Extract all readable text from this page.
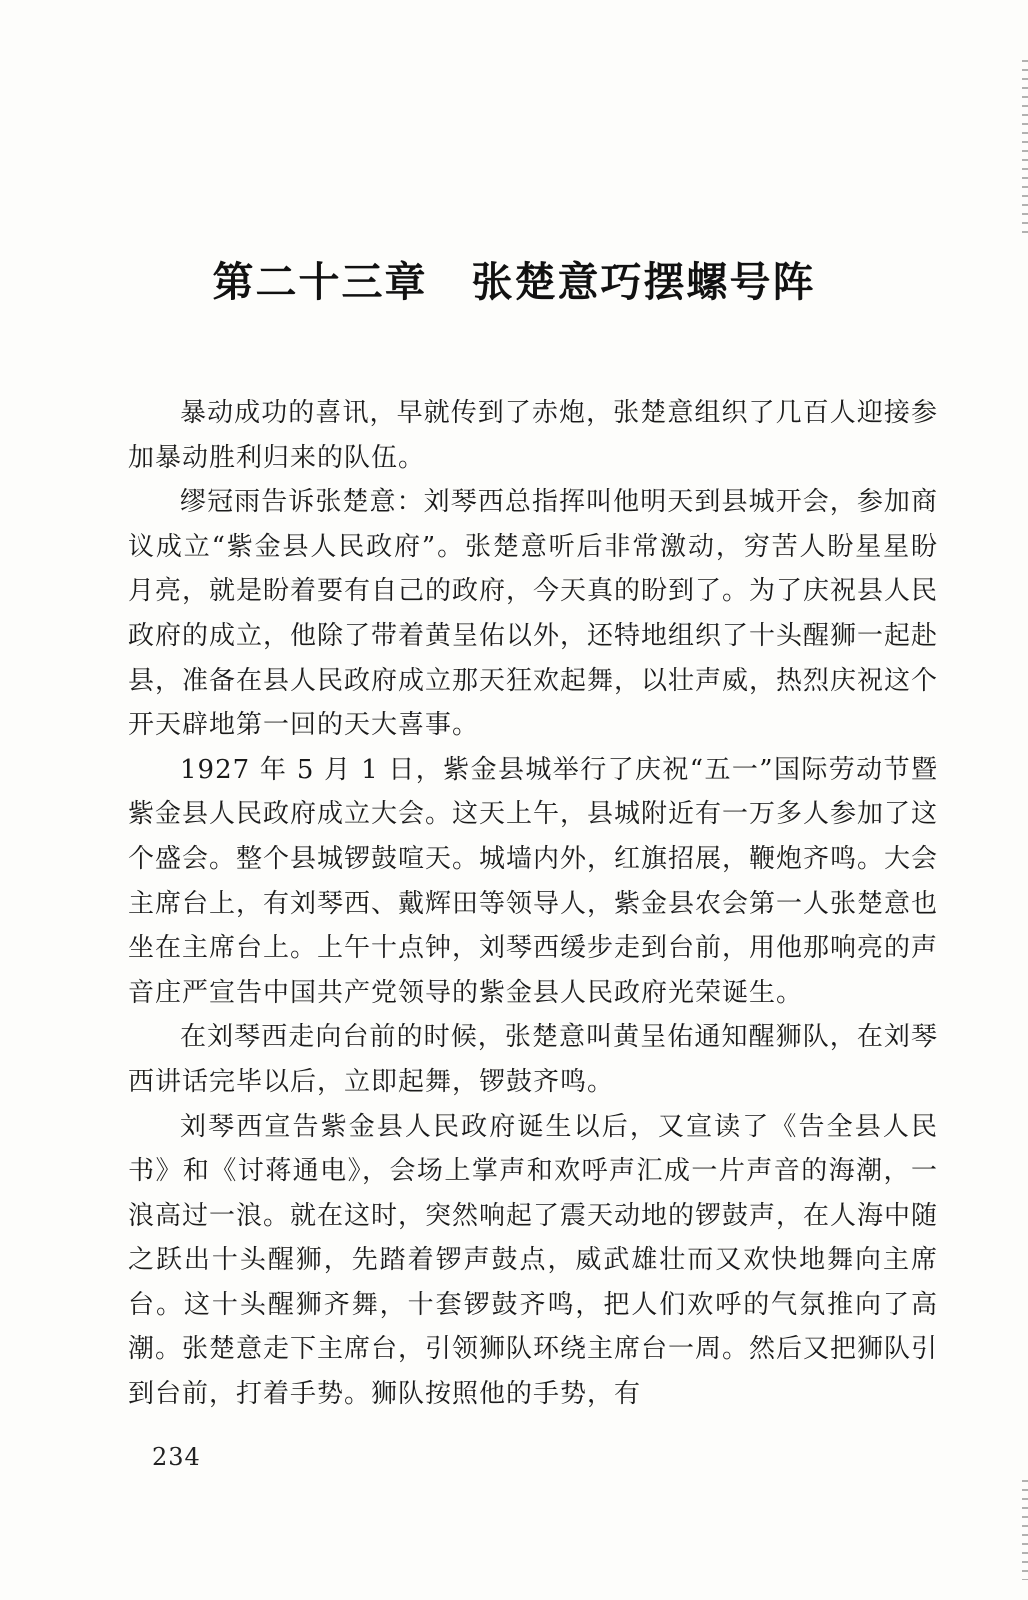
第二十三章 张楚意巧摆螺号阵

暴动成功的喜讯，早就传到了赤炮，张楚意组织了几百人迎接参加暴动胜利归来的队伍。

缪冠雨告诉张楚意：刘琴西总指挥叫他明天到县城开会，参加商议成立“紫金县人民政府”。张楚意听后非常激动，穷苦人盼星星盼月亮，就是盼着要有自己的政府，今天真的盼到了。为了庆祝县人民政府的成立，他除了带着黄呈佑以外，还特地组织了十头醒狮一起赴县，准备在县人民政府成立那天狂欢起舞，以壮声威，热烈庆祝这个开天辟地第一回的天大喜事。

1927 年 5 月 1 日，紫金县城举行了庆祝“五一”国际劳动节暨紫金县人民政府成立大会。这天上午，县城附近有一万多人参加了这个盛会。整个县城锣鼓喧天。城墙内外，红旗招展，鞭炮齐鸣。大会主席台上，有刘琴西、戴辉田等领导人，紫金县农会第一人张楚意也坐在主席台上。上午十点钟，刘琴西缓步走到台前，用他那响亮的声音庄严宣告中国共产党领导的紫金县人民政府光荣诞生。

在刘琴西走向台前的时候，张楚意叫黄呈佑通知醒狮队，在刘琴西讲话完毕以后，立即起舞，锣鼓齐鸣。

刘琴西宣告紫金县人民政府诞生以后，又宣读了《告全县人民书》和《讨蒋通电》，会场上掌声和欢呼声汇成一片声音的海潮，一浪高过一浪。就在这时，突然响起了震天动地的锣鼓声，在人海中随之跃出十头醒狮，先踏着锣声鼓点，威武雄壮而又欢快地舞向主席台。这十头醒狮齐舞，十套锣鼓齐鸣，把人们欢呼的气氛推向了高潮。张楚意走下主席台，引领狮队环绕主席台一周。然后又把狮队引到台前，打着手势。狮队按照他的手势，有

234
